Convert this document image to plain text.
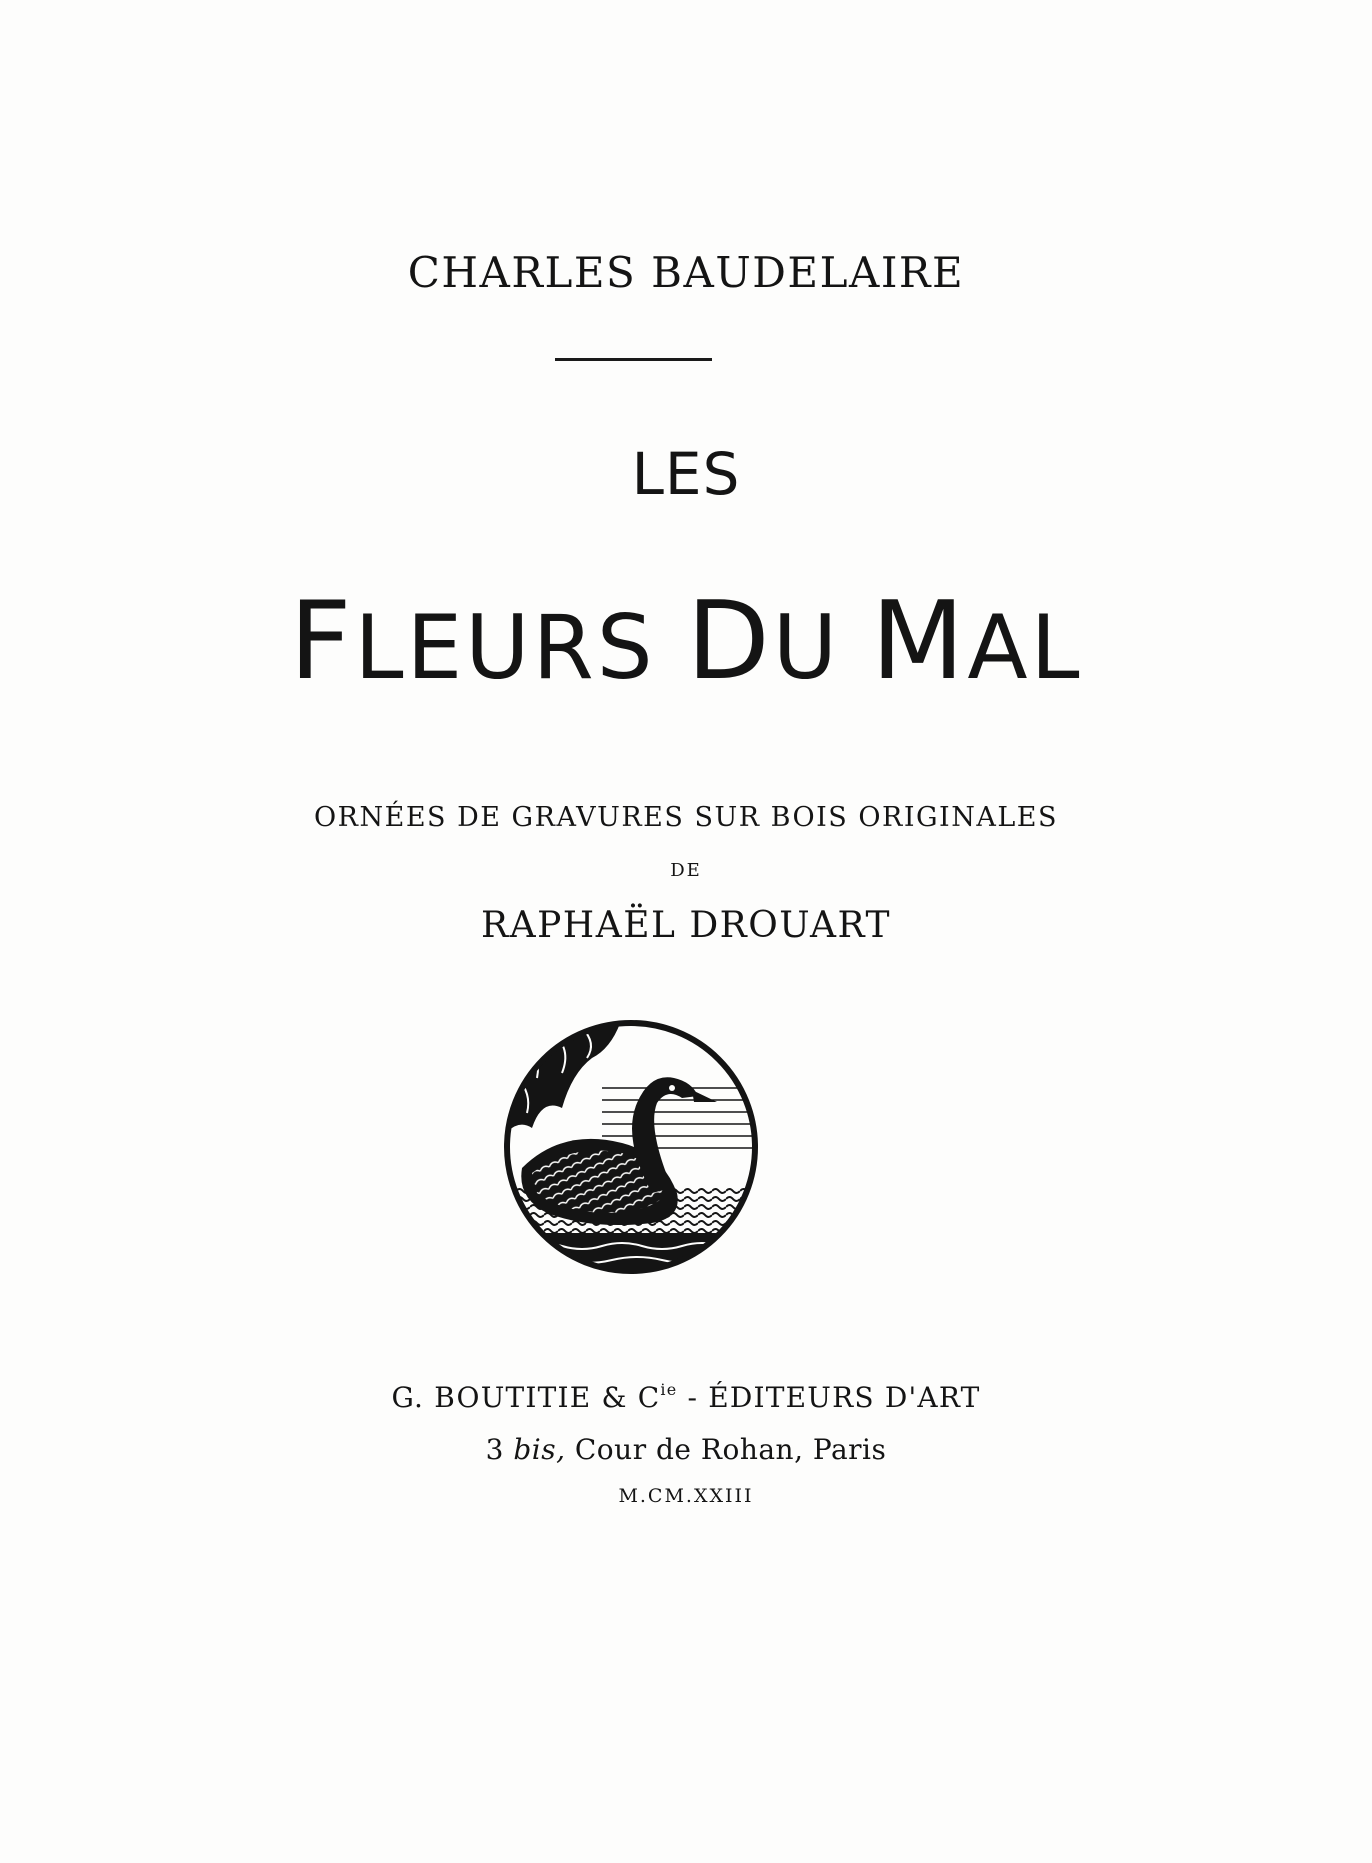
CHARLES BAUDELAIRE
LES
FLEURS DU MAL
ORNÉES DE GRAVURES SUR BOIS ORIGINALES
DE
RAPHAËL DROUART
G. BOUTITIE & $C^{ie}$ - ÉDITEURS D'ART
3 bis, Cour de Rohan, Paris
M.CM.XXIII
